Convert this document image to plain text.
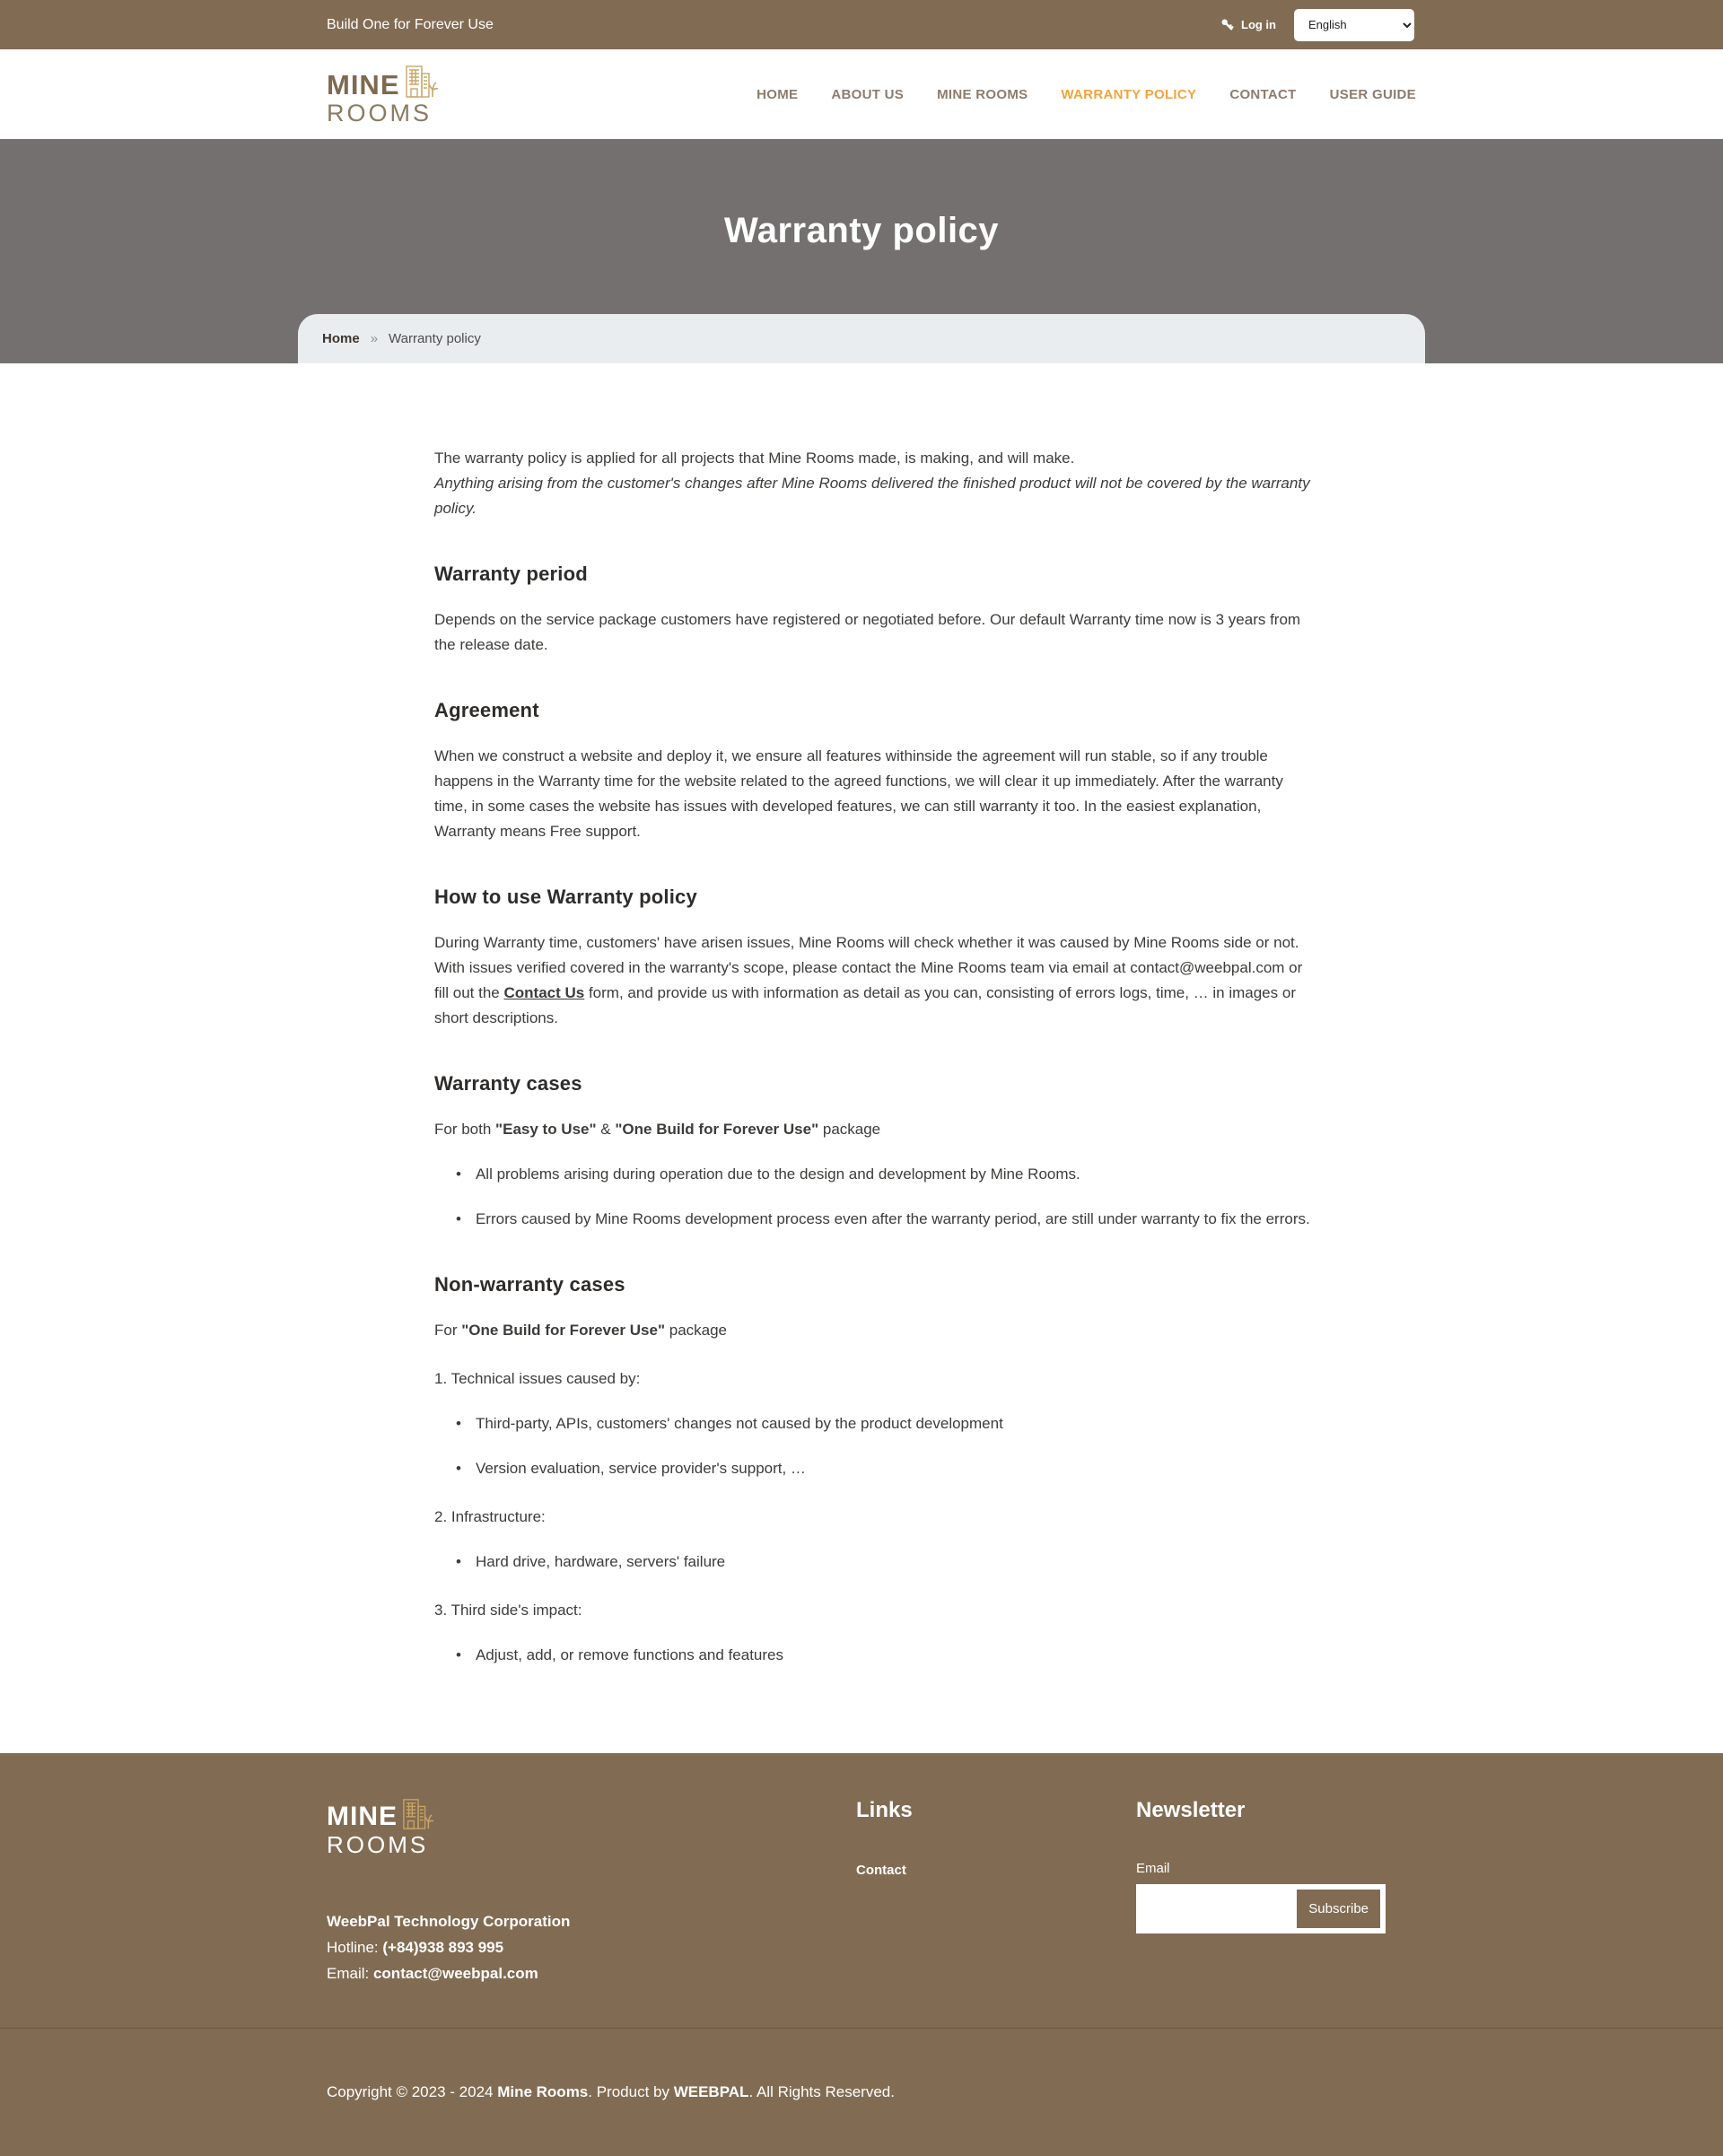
Build One for Forever Use	Log in
English
MINE
ROOMS
HOME ABOUT US MINE ROOMS WARRANTY POLICY CONTACT USER GUIDE
Warranty policy
Home » Warranty policy

The warranty policy is applied for all projects that Mine Rooms made, is making, and will make.
Anything arising from the customer's changes after Mine Rooms delivered the finished product will not be covered by the warranty policy.

Warranty period

Depends on the service package customers have registered or negotiated before. Our default Warranty time now is 3 years from the release date.

Agreement

When we construct a website and deploy it, we ensure all features withinside the agreement will run stable, so if any trouble happens in the Warranty time for the website related to the agreed functions, we will clear it up immediately. After the warranty time, in some cases the website has issues with developed features, we can still warranty it too. In the easiest explanation, Warranty means Free support.

How to use Warranty policy

During Warranty time, customers' have arisen issues, Mine Rooms will check whether it was caused by Mine Rooms side or not.
With issues verified covered in the warranty's scope, please contact the Mine Rooms team via email at contact@weebpal.com or fill out the Contact Us form, and provide us with information as detail as you can, consisting of errors logs, time, … in images or short descriptions.

Warranty cases

For both "Easy to Use" & "One Build for Forever Use" package

• All problems arising during operation due to the design and development by Mine Rooms.

• Errors caused by Mine Rooms development process even after the warranty period, are still under warranty to fix the errors.

Non-warranty cases

For "One Build for Forever Use" package

1. Technical issues caused by:

• Third-party, APIs, customers' changes not caused by the product development

• Version evaluation, service provider's support, …

2. Infrastructure:

• Hard drive, hardware, servers' failure

3. Third side's impact:

• Adjust, add, or remove functions and features

MINE
ROOMS
WeebPal Technology Corporation
Hotline: (+84)938 893 995
Email: contact@weebpal.com

Links

Contact

Newsletter

Email
Subscribe
Copyright © 2023 - 2024 Mine Rooms. Product by WEEBPAL. All Rights Reserved.
